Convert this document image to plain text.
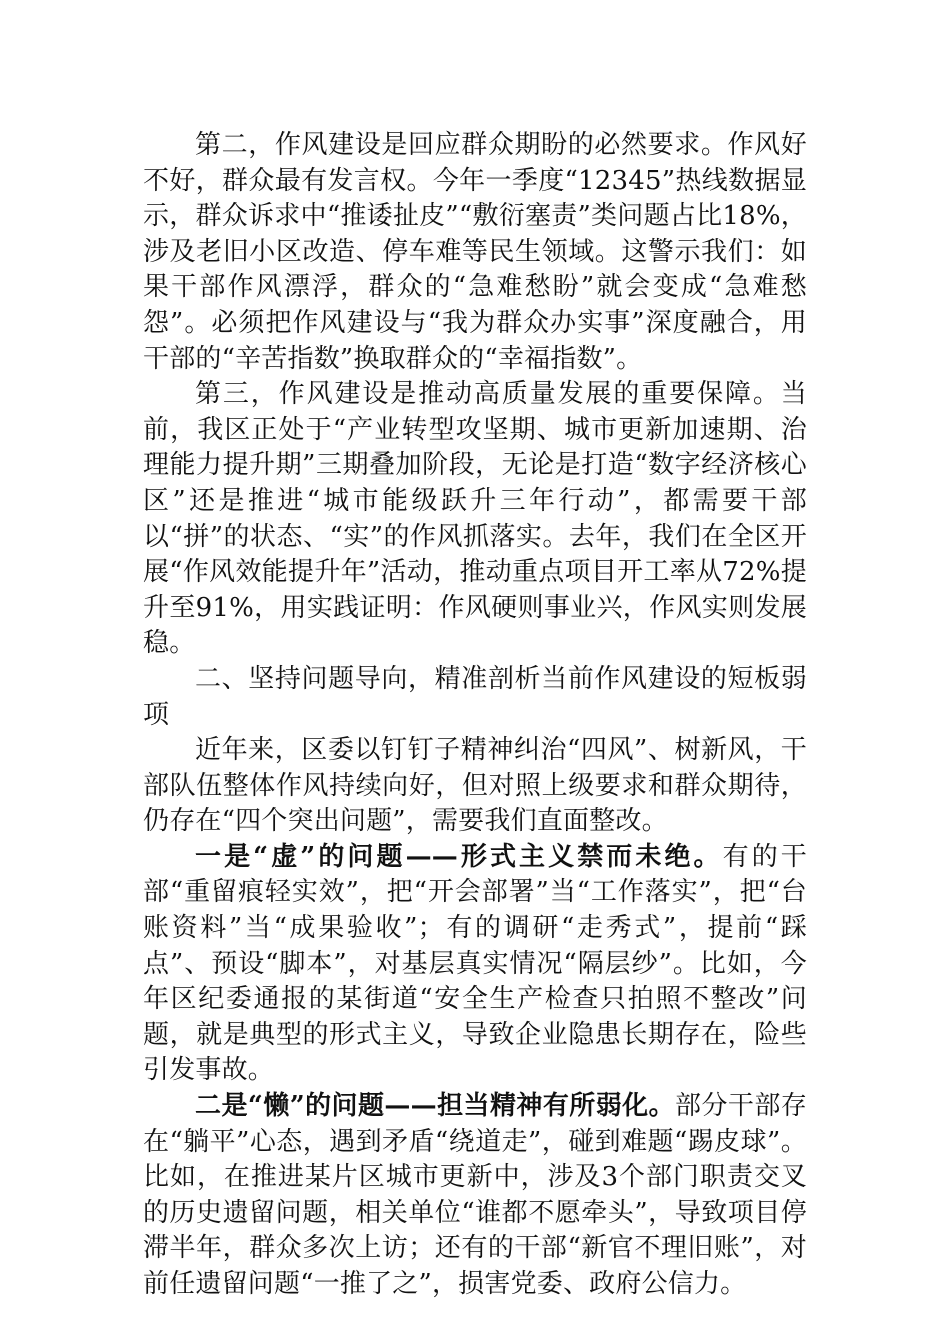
第二，作风建设是回应群众期盼的必然要求。作风好不好，群众最有发言权。今年一季度“12345”热线数据显示，群众诉求中“推诿扯皮”“敷衍塞责”类问题占比18%，涉及老旧小区改造、停车难等民生领域。这警示我们：如果干部作风漂浮，群众的“急难愁盼”就会变成“急难愁怨”。必须把作风建设与“我为群众办实事”深度融合，用干部的“辛苦指数”换取群众的“幸福指数”。

第三，作风建设是推动高质量发展的重要保障。当前，我区正处于“产业转型攻坚期、城市更新加速期、治理能力提升期”三期叠加阶段，无论是打造“数字经济核心区”还是推进“城市能级跃升三年行动”，都需要干部以“拼”的状态、“实”的作风抓落实。去年，我们在全区开展“作风效能提升年”活动，推动重点项目开工率从72%提升至91%，用实践证明：作风硬则事业兴，作风实则发展稳。

二、坚持问题导向，精准剖析当前作风建设的短板弱项

近年来，区委以钉钉子精神纠治“四风”、树新风，干部队伍整体作风持续向好，但对照上级要求和群众期待，仍存在“四个突出问题”，需要我们直面整改。

一是“虚”的问题——形式主义禁而未绝。有的干部“重留痕轻实效”，把“开会部署”当“工作落实”，把“台账资料”当“成果验收”；有的调研“走秀式”，提前“踩点”、预设“脚本”，对基层真实情况“隔层纱”。比如，今年区纪委通报的某街道“安全生产检查只拍照不整改”问题，就是典型的形式主义，导致企业隐患长期存在，险些引发事故。

二是“懒”的问题——担当精神有所弱化。部分干部存在“躺平”心态，遇到矛盾“绕道走”，碰到难题“踢皮球”。比如，在推进某片区城市更新中，涉及3个部门职责交叉的历史遗留问题，相关单位“谁都不愿牵头”，导致项目停滞半年，群众多次上访；还有的干部“新官不理旧账”，对前任遗留问题“一推了之”，损害党委、政府公信力。
